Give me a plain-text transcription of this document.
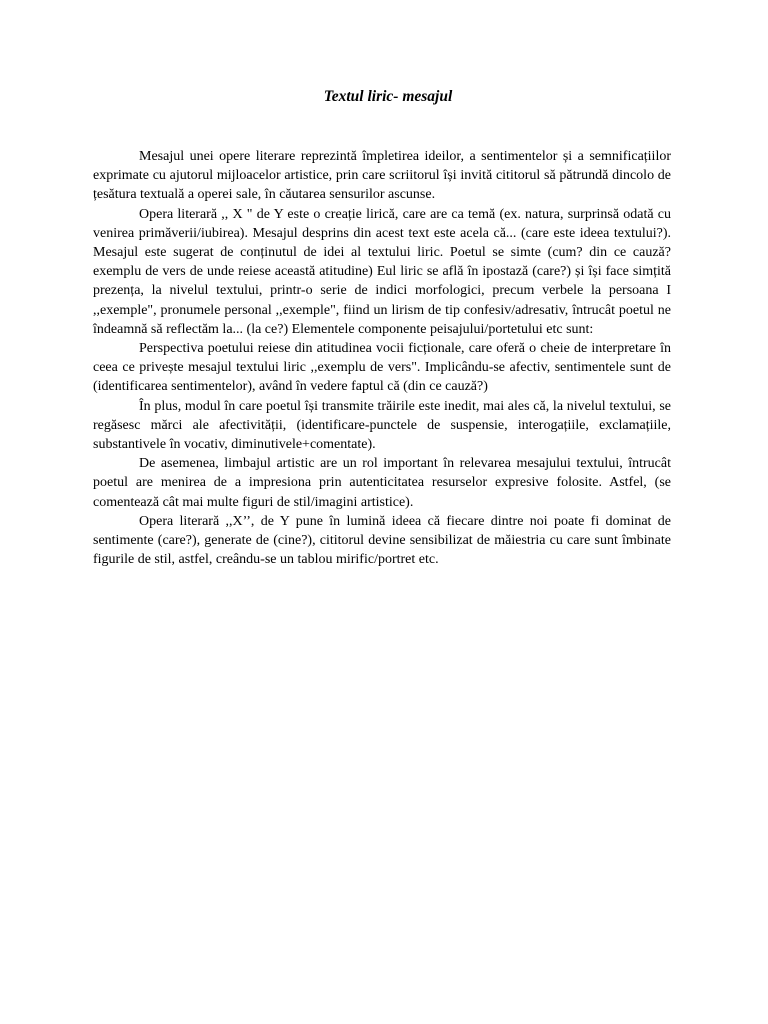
Textul liric- mesajul

Mesajul unei opere literare reprezintă împletirea ideilor, a sentimentelor și a semnificațiilor exprimate cu ajutorul mijloacelor artistice, prin care scriitorul își invită cititorul să pătrundă dincolo de țesătura textuală a operei sale, în căutarea sensurilor ascunse.

Opera literară ,, X " de Y este o creație lirică, care are ca temă (ex. natura, surprinsă odată cu venirea primăverii/iubirea). Mesajul desprins din acest text este acela că... (care este ideea textului?). Mesajul este sugerat de conținutul de idei al textului liric. Poetul se simte (cum? din ce cauză? exemplu de vers de unde reiese această atitudine) Eul liric se află în ipostază (care?) și își face simțită prezența, la nivelul textului, printr-o serie de indici morfologici, precum verbele la persoana I ,,exemple", pronumele personal ,,exemple", fiind un lirism de tip confesiv/adresativ, întrucât poetul ne îndeamnă să reflectăm la... (la ce?) Elementele componente peisajului/portetului etc sunt:

Perspectiva poetului reiese din atitudinea vocii ficționale, care oferă o cheie de interpretare în ceea ce privește mesajul textului liric ,,exemplu de vers". Implicându-se afectiv, sentimentele sunt de (identificarea sentimentelor), având în vedere faptul că (din ce cauză?)

În plus, modul în care poetul își transmite trăirile este inedit, mai ales că, la nivelul textului, se regăsesc mărci ale afectivității, (identificare-punctele de suspensie, interogațiile, exclamațiile, substantivele în vocativ, diminutivele+comentate).

De asemenea, limbajul artistic are un rol important în relevarea mesajului textului, întrucât poetul are menirea de a impresiona prin autenticitatea resurselor expresive folosite. Astfel, (se comentează cât mai multe figuri de stil/imagini artistice).

Opera literară ,,X’’, de Y pune în lumină ideea că fiecare dintre noi poate fi dominat de sentimente (care?), generate de (cine?), cititorul devine sensibilizat de măiestria cu care sunt îmbinate figurile de stil, astfel, creându-se un tablou mirific/portret etc.
